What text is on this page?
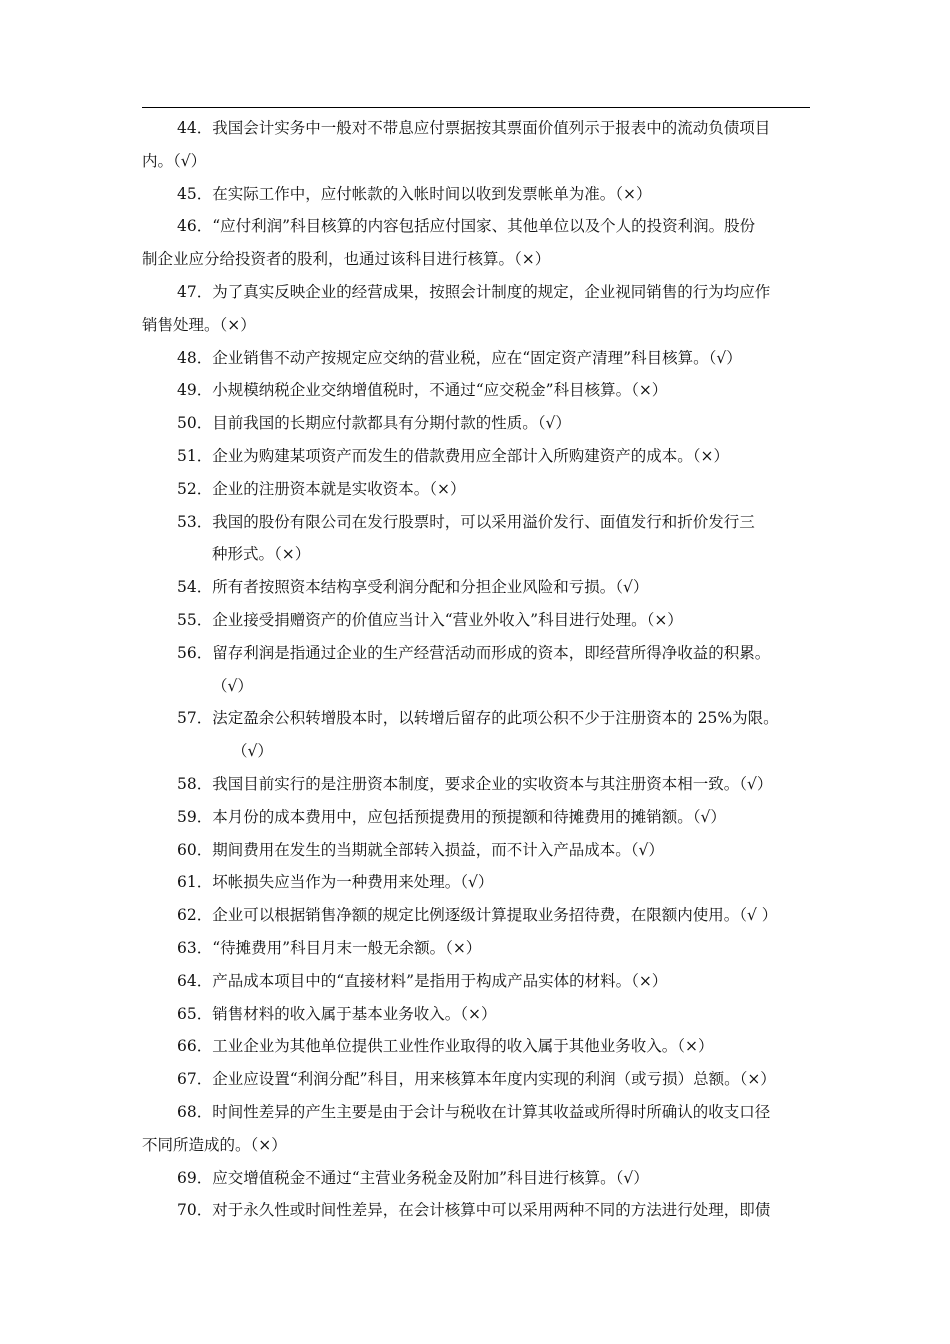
44．我国会计实务中一般对不带息应付票据按其票面价值列示于报表中的流动负债项目
内。（√）
45．在实际工作中，应付帐款的入帐时间以收到发票帐单为准。（×）
46．“应付利润”科目核算的内容包括应付国家、其他单位以及个人的投资利润。股份
制企业应分给投资者的股利，也通过该科目进行核算。（×）
47．为了真实反映企业的经营成果，按照会计制度的规定，企业视同销售的行为均应作
销售处理。（×）
48．企业销售不动产按规定应交纳的营业税，应在“固定资产清理”科目核算。（√）
49．小规模纳税企业交纳增值税时，不通过“应交税金”科目核算。（×）
50．目前我国的长期应付款都具有分期付款的性质。（√）
51．企业为购建某项资产而发生的借款费用应全部计入所购建资产的成本。（×）
52．企业的注册资本就是实收资本。（×）
53．我国的股份有限公司在发行股票时，可以采用溢价发行、面值发行和折价发行三
种形式。（×）
54．所有者按照资本结构享受利润分配和分担企业风险和亏损。（√）
55．企业接受捐赠资产的价值应当计入“营业外收入”科目进行处理。（×）
56．留存利润是指通过企业的生产经营活动而形成的资本，即经营所得净收益的积累。
（√）
57．法定盈余公积转增股本时，以转增后留存的此项公积不少于注册资本的 25%为限。
（√）
58．我国目前实行的是注册资本制度，要求企业的实收资本与其注册资本相一致。（√）
59．本月份的成本费用中，应包括预提费用的预提额和待摊费用的摊销额。（√）
60．期间费用在发生的当期就全部转入损益，而不计入产品成本。（√）
61．坏帐损失应当作为一种费用来处理。（√）
62．企业可以根据销售净额的规定比例逐级计算提取业务招待费，在限额内使用。（√ ）
63．“待摊费用”科目月末一般无余额。（×）
64．产品成本项目中的“直接材料”是指用于构成产品实体的材料。（×）
65．销售材料的收入属于基本业务收入。（×）
66．工业企业为其他单位提供工业性作业取得的收入属于其他业务收入。（×）
67．企业应设置“利润分配”科目，用来核算本年度内实现的利润（或亏损）总额。（×）
68．时间性差异的产生主要是由于会计与税收在计算其收益或所得时所确认的收支口径
不同所造成的。（×）
69．应交增值税金不通过“主营业务税金及附加”科目进行核算。（√）
70．对于永久性或时间性差异，在会计核算中可以采用两种不同的方法进行处理，即债
